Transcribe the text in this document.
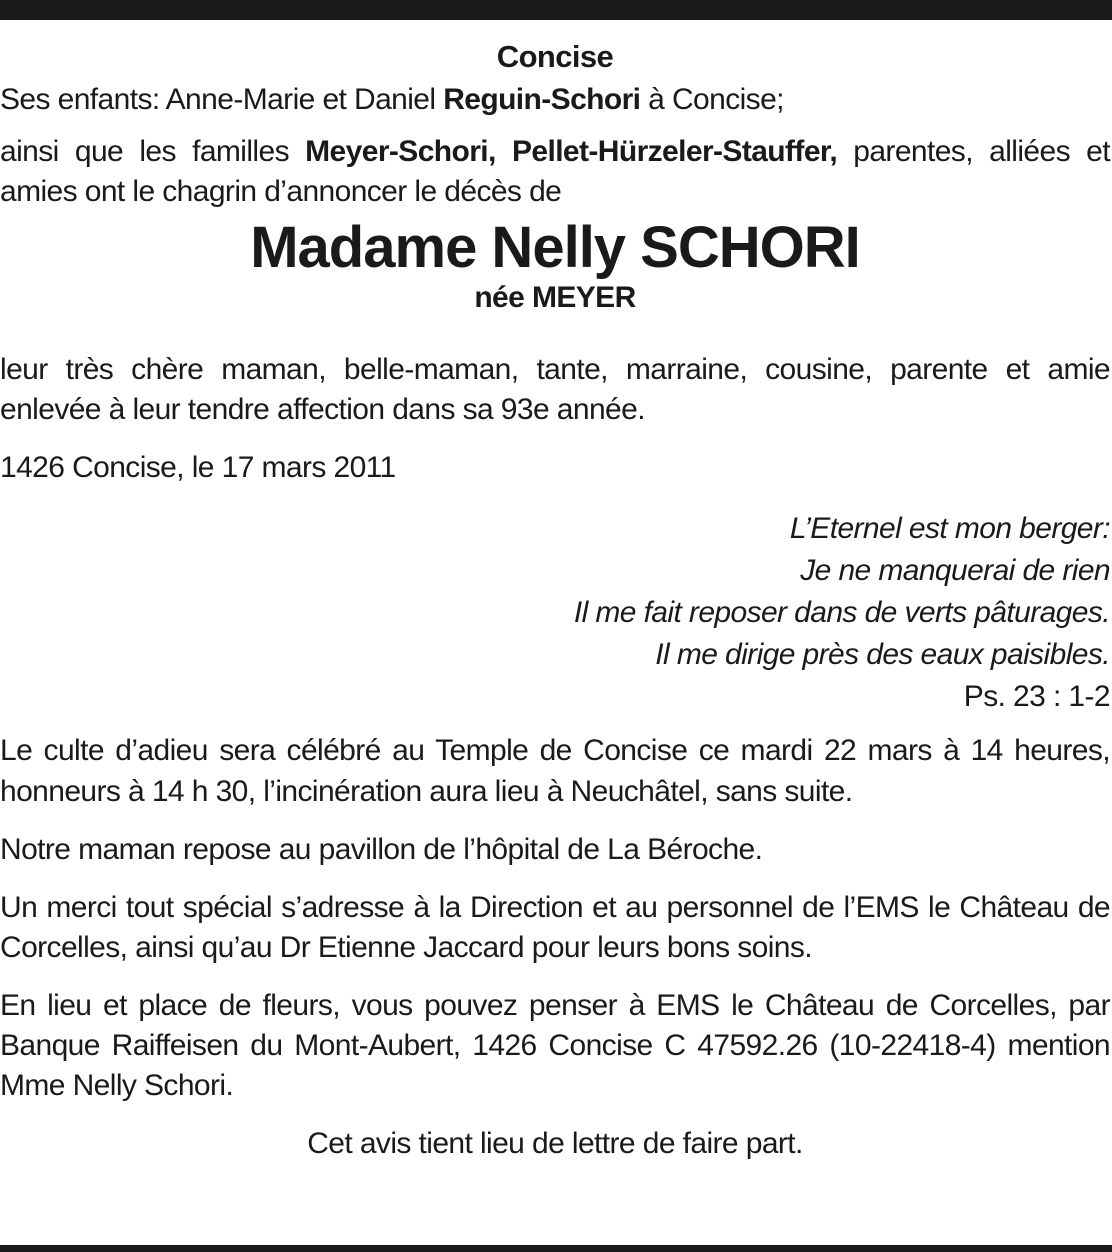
Concise

Ses enfants: Anne-Marie et Daniel Reguin-Schori à Concise;

ainsi que les familles Meyer-Schori, Pellet-Hürzeler-Stauffer, parentes, alliées et amies ont le chagrin d’annoncer le décès de

Madame Nelly SCHORI

née MEYER

leur très chère maman, belle-maman, tante, marraine, cousine, parente et amie enlevée à leur tendre affection dans sa 93e année.

1426 Concise, le 17 mars 2011

L’Eternel est mon berger:

Je ne manquerai de rien

Il me fait reposer dans de verts pâturages.

Il me dirige près des eaux paisibles.

Ps. 23 : 1-2

Le culte d’adieu sera célébré au Temple de Concise ce mardi 22 mars à 14 heures, honneurs à 14 h 30, l’incinération aura lieu à Neuchâtel, sans suite.

Notre maman repose au pavillon de l’hôpital de La Béroche.

Un merci tout spécial s’adresse à la Direction et au personnel de l’EMS le Château de Corcelles, ainsi qu’au Dr Etienne Jaccard pour leurs bons soins.

En lieu et place de fleurs, vous pouvez penser à EMS le Château de Corcelles, par Banque Raiffeisen du Mont-Aubert, 1426 Concise C 47592.26 (10-22418-4) mention Mme Nelly Schori.

Cet avis tient lieu de lettre de faire part.
